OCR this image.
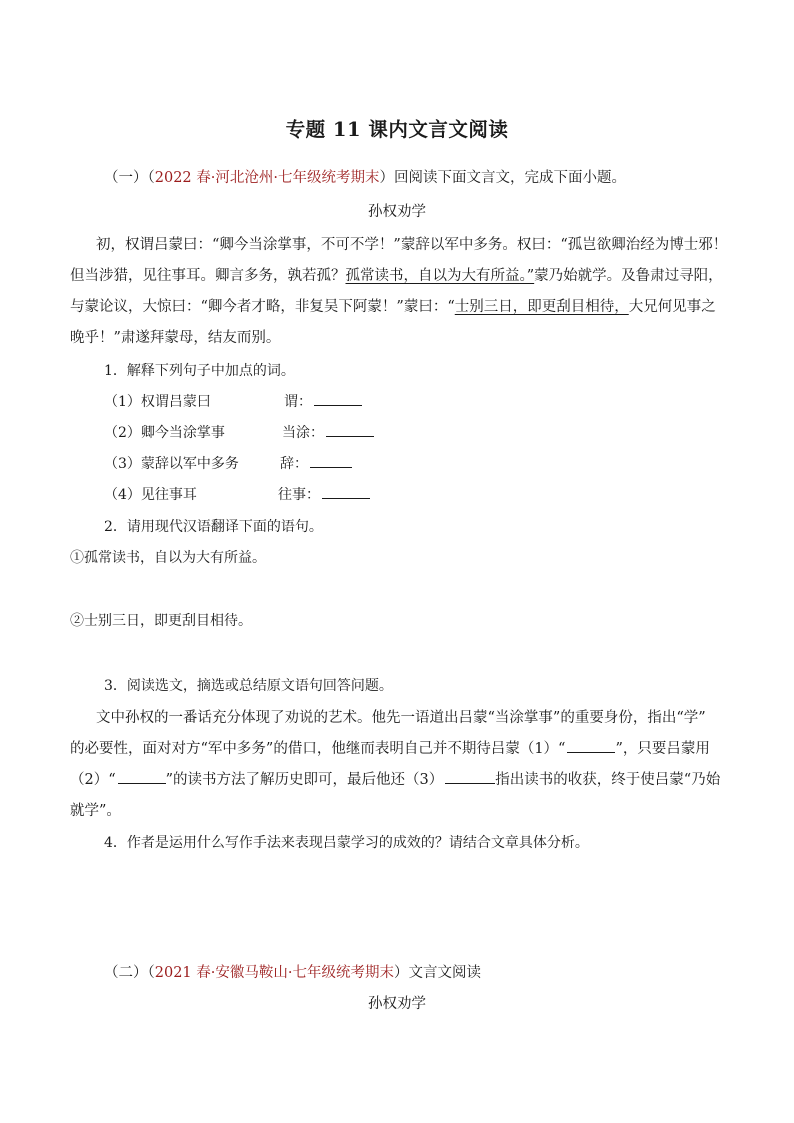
专题 11 课内文言文阅读
（一）（2022 春·河北沧州·七年级统考期末）回阅读下面文言文，完成下面小题。
孙权劝学
初，权谓吕蒙曰：“卿今当涂掌事，不可不学！”蒙辞以军中多务。权曰：“孤岂欲卿治经为博士邪！
但当涉猎，见往事耳。卿言多务，孰若孤？孤常读书，自以为大有所益。”蒙乃始就学。及鲁肃过寻阳，
与蒙论议，大惊曰：“卿今者才略，非复吴下阿蒙！”蒙曰：“士别三日，即更刮目相待，大兄何见事之
晚乎！”肃遂拜蒙母，结友而别。
1．解释下列句子中加点的词。
（1）权谓吕蒙曰	谓：
（2）卿今当涂掌事	当涂：
（3）蒙辞以军中多务	辞：
（4）见往事耳	往事：
2．请用现代汉语翻译下面的语句。
①孤常读书，自以为大有所益。
②士别三日，即更刮目相待。
3．阅读选文，摘选或总结原文语句回答问题。
文中孙权的一番话充分体现了劝说的艺术。他先一语道出吕蒙“当涂掌事”的重要身份，指出“学”
的必要性，面对对方“军中多务”的借口，他继而表明自己并不期待吕蒙（1）“	”，只要吕蒙用
（2）“	”的读书方法了解历史即可，最后他还（3）	指出读书的收获，终于使吕蒙“乃始
就学”。
4．作者是运用什么写作手法来表现吕蒙学习的成效的？请结合文章具体分析。
（二）（2021 春·安徽马鞍山·七年级统考期末）文言文阅读
孙权劝学
